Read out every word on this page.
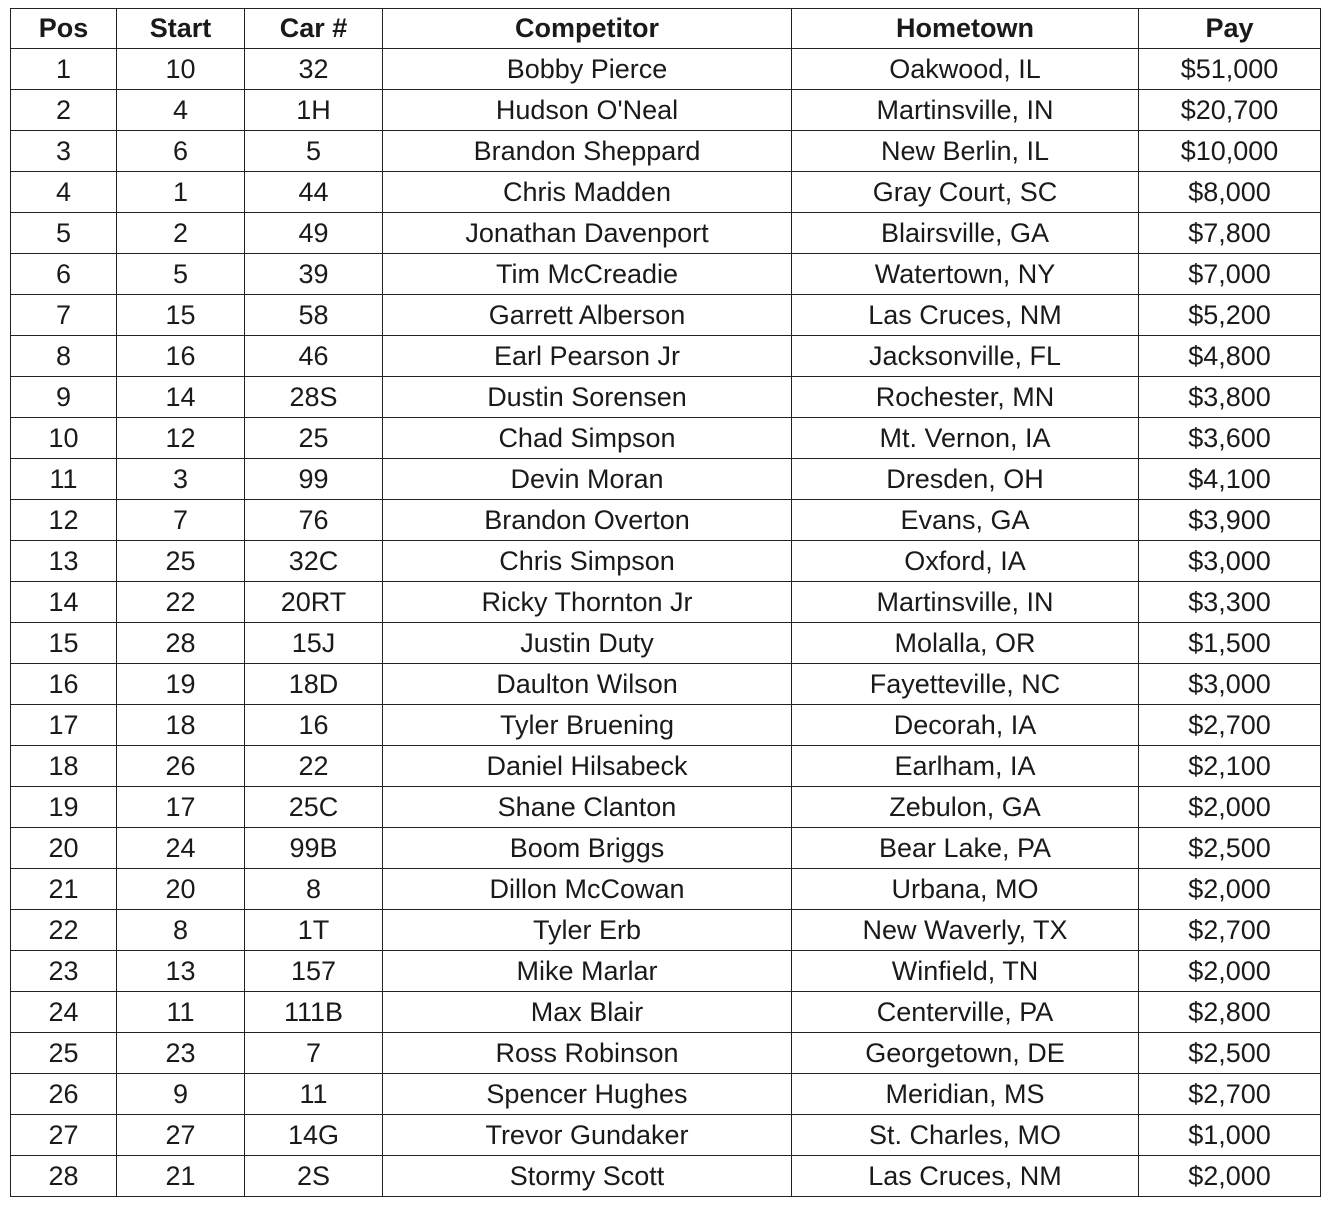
Pos	Start	Car #	Competitor	Hometown	Pay
1	10	32	Bobby Pierce	Oakwood, IL	$51,000
2	4	1H	Hudson O'Neal	Martinsville, IN	$20,700
3	6	5	Brandon Sheppard	New Berlin, IL	$10,000
4	1	44	Chris Madden	Gray Court, SC	$8,000
5	2	49	Jonathan Davenport	Blairsville, GA	$7,800
6	5	39	Tim McCreadie	Watertown, NY	$7,000
7	15	58	Garrett Alberson	Las Cruces, NM	$5,200
8	16	46	Earl Pearson Jr	Jacksonville, FL	$4,800
9	14	28S	Dustin Sorensen	Rochester, MN	$3,800
10	12	25	Chad Simpson	Mt. Vernon, IA	$3,600
11	3	99	Devin Moran	Dresden, OH	$4,100
12	7	76	Brandon Overton	Evans, GA	$3,900
13	25	32C	Chris Simpson	Oxford, IA	$3,000
14	22	20RT	Ricky Thornton Jr	Martinsville, IN	$3,300
15	28	15J	Justin Duty	Molalla, OR	$1,500
16	19	18D	Daulton Wilson	Fayetteville, NC	$3,000
17	18	16	Tyler Bruening	Decorah, IA	$2,700
18	26	22	Daniel Hilsabeck	Earlham, IA	$2,100
19	17	25C	Shane Clanton	Zebulon, GA	$2,000
20	24	99B	Boom Briggs	Bear Lake, PA	$2,500
21	20	8	Dillon McCowan	Urbana, MO	$2,000
22	8	1T	Tyler Erb	New Waverly, TX	$2,700
23	13	157	Mike Marlar	Winfield, TN	$2,000
24	11	111B	Max Blair	Centerville, PA	$2,800
25	23	7	Ross Robinson	Georgetown, DE	$2,500
26	9	11	Spencer Hughes	Meridian, MS	$2,700
27	27	14G	Trevor Gundaker	St. Charles, MO	$1,000
28	21	2S	Stormy Scott	Las Cruces, NM	$2,000
